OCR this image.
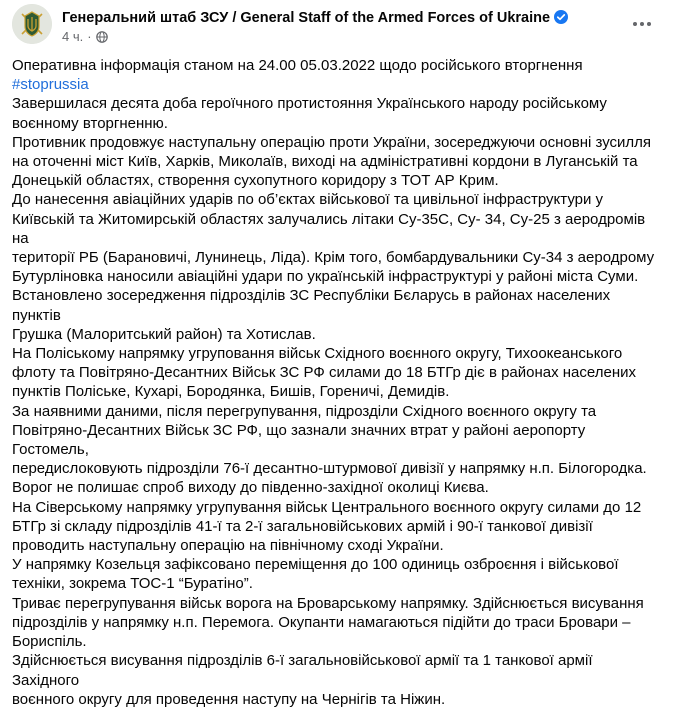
Генеральний штаб ЗСУ / General Staff of the Armed Forces of Ukraine
4 ч. ·

Оперативна інформація станом на 24.00 05.03.2022 щодо російського вторгнення

#stoprussia

Завершилася десята доба героїчного протистояння Українського народу російському

воєнному вторгненню.

Противник продовжує наступальну операцію проти України, зосереджуючи основні зусилля

на оточенні міст Київ, Харків, Миколаїв, виході на адміністративні кордони в Луганській та

Донецькій областях, створення сухопутного коридору з ТОТ АР Крим.

До нанесення авіаційних ударів по об’єктах військової та цивільної інфраструктури у

Київській та Житомирській областях залучались літаки Су-35С, Су- 34, Су-25 з аеродромів на

території РБ (Барановичі, Лунинець, Ліда). Крім того, бомбардувальники Су-34 з аеродрому

Бутурліновка наносили авіаційні удари по українській інфраструктурі у районі міста Суми.

Встановлено зосередження підрозділів ЗС Республіки Бєларусь в районах населених пунктів

Грушка (Малоритський район) та Хотислав.

На Поліському напрямку угруповання військ Східного воєнного округу, Тихоокеанського

флоту та Повітряно-Десантних Військ ЗС РФ силами до 18 БТГр діє в районах населених

пунктів Поліське, Кухарі, Бородянка, Бишів, Гореничі, Демидів.

За наявними даними, після перегрупування, підрозділи Східного воєнного округу та

Повітряно-Десантних Військ ЗС РФ, що зазнали значних втрат у районі аеропорту Гостомель,

передислоковують підрозділи 76-ї десантно-штурмової дивізії у напрямку н.п. Білогородка.

Ворог не полишає спроб виходу до південно-західної околиці Києва.

На Сіверському напрямку угрупування військ Центрального воєнного округу силами до 12

БТГр зі складу підрозділів 41-ї та 2-ї загальновійськових армій і 90-ї танкової дивізії

проводить наступальну операцію на північному сході України.

У напрямку Козельця зафіксовано переміщення до 100 одиниць озброєння і військової

техніки, зокрема ТОС-1 “Буратіно”.

Триває перегрупування військ ворога на Броварському напрямку. Здійснюється висування

підрозділів у напрямку н.п. Перемога. Окупанти намагаються підійти до траси Бровари –

Бориспіль.

Здійснюється висування підрозділів 6-ї загальновійськової армії та 1 танкової армії Західного

воєнного округу для проведення наступу на Чернігів та Ніжин.
